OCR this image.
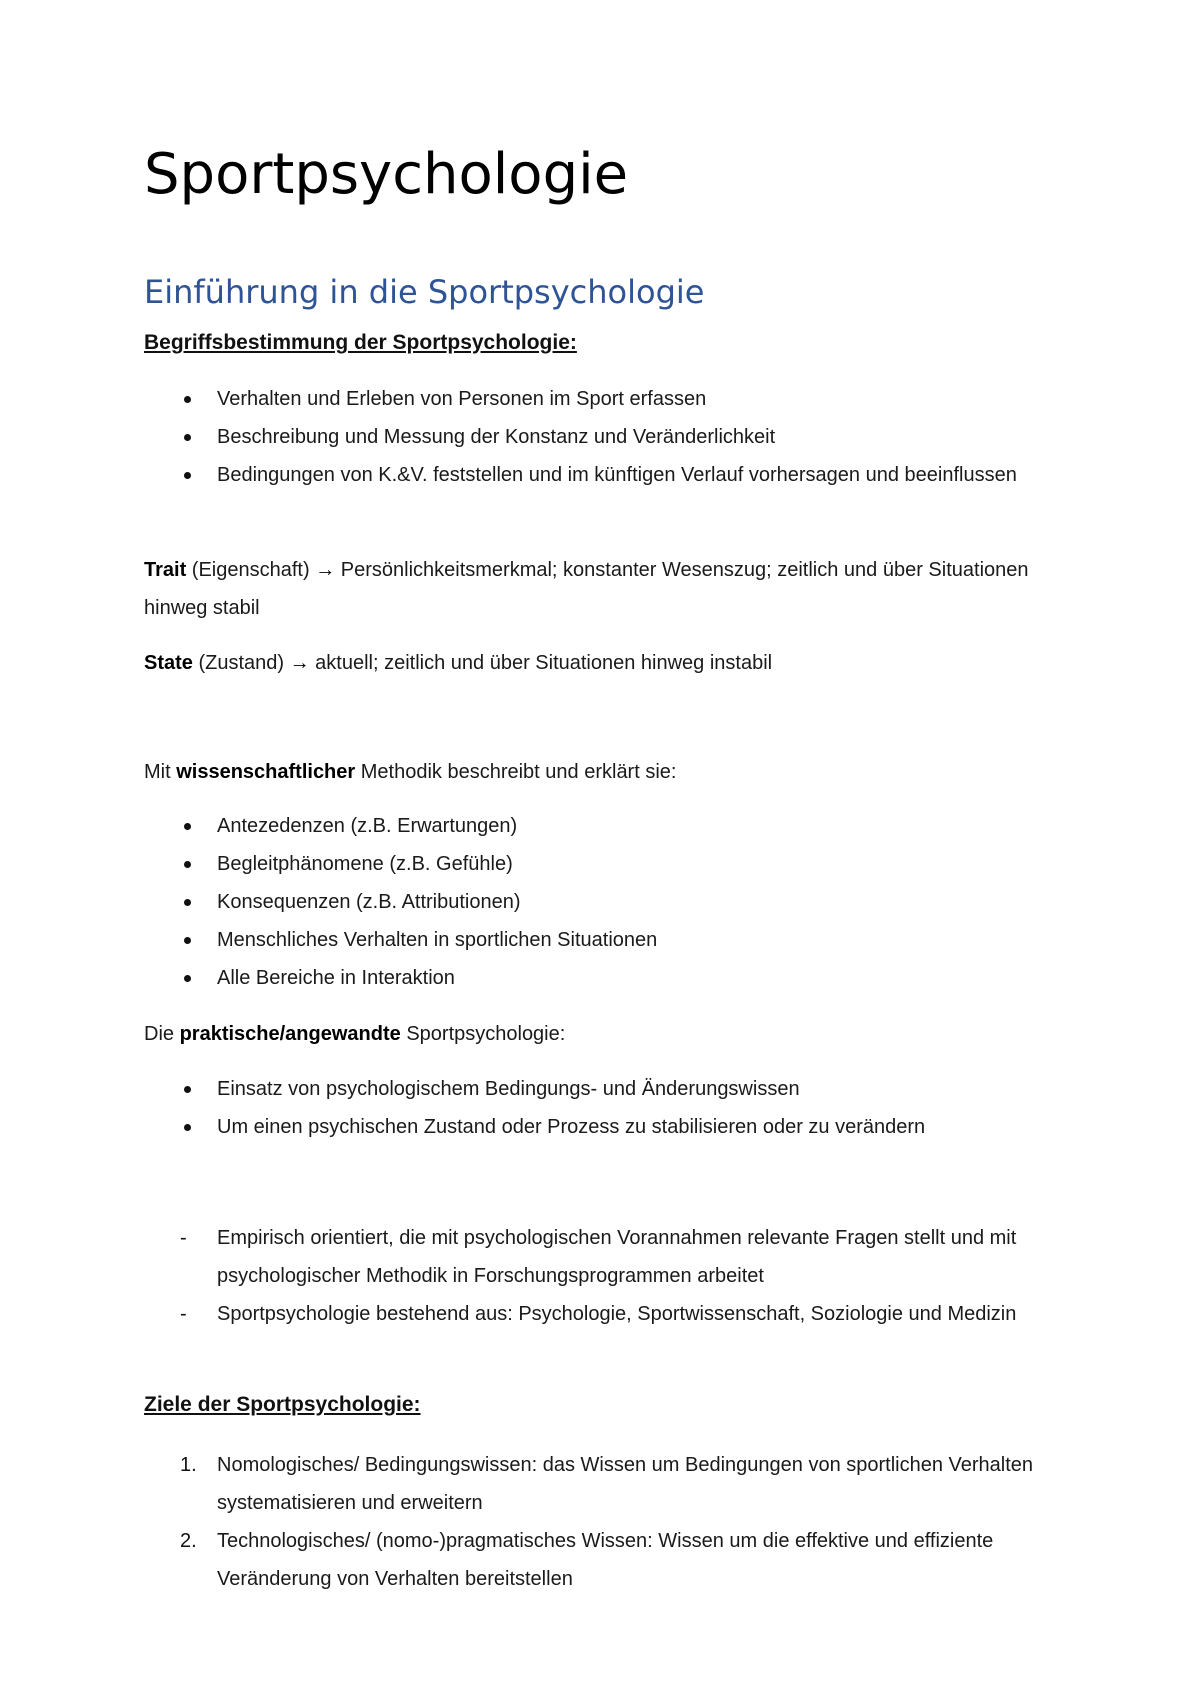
Sportpsychologie
Einführung in die Sportpsychologie
Begriffsbestimmung der Sportpsychologie:
Verhalten und Erleben von Personen im Sport erfassen
Beschreibung und Messung der Konstanz und Veränderlichkeit
Bedingungen von K.&V. feststellen und im künftigen Verlauf vorhersagen und beeinflussen

Trait (Eigenschaft) → Persönlichkeitsmerkmal; konstanter Wesenszug; zeitlich und über Situationen hinweg stabil

State (Zustand) → aktuell; zeitlich und über Situationen hinweg instabil

Mit wissenschaftlicher Methodik beschreibt und erklärt sie:

Antezedenzen (z.B. Erwartungen)
Begleitphänomene (z.B. Gefühle)
Konsequenzen (z.B. Attributionen)
Menschliches Verhalten in sportlichen Situationen
Alle Bereiche in Interaktion

Die praktische/angewandte Sportpsychologie:

Einsatz von psychologischem Bedingungs- und Änderungswissen
Um einen psychischen Zustand oder Prozess zu stabilisieren oder zu verändern
-	Empirisch orientiert, die mit psychologischen Vorannahmen relevante Fragen stellt und mit psychologischer Methodik in Forschungsprogrammen arbeitet
-	Sportpsychologie bestehend aus: Psychologie, Sportwissenschaft, Soziologie und Medizin
Ziele der Sportpsychologie:
1.	Nomologisches/ Bedingungswissen: das Wissen um Bedingungen von sportlichen Verhalten systematisieren und erweitern
2.	Technologisches/ (nomo-)pragmatisches Wissen: Wissen um die effektive und effiziente Veränderung von Verhalten bereitstellen
